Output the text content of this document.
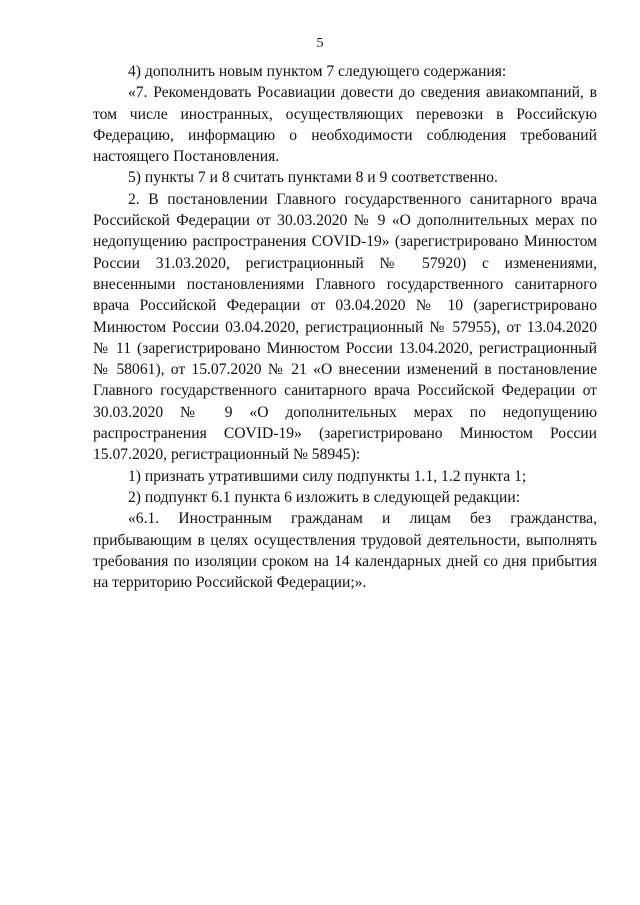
5

4) дополнить новым пунктом 7 следующего содержания:

«7. Рекомендовать Росавиации довести до сведения авиакомпаний, в том числе иностранных, осуществляющих перевозки в Российскую Федерацию, информацию о необходимости соблюдения требований настоящего Постановления.

5) пункты 7 и 8 считать пунктами 8 и 9 соответственно.

2. В постановлении Главного государственного санитарного врача Российской Федерации от 30.03.2020 № 9 «О дополнительных мерах по недопущению распространения COVID-19» (зарегистрировано Минюстом России 31.03.2020, регистрационный № 57920) с изменениями, внесенными постановлениями Главного государственного санитарного врача Российской Федерации от 03.04.2020 № 10 (зарегистрировано Минюстом России 03.04.2020, регистрационный № 57955), от 13.04.2020 № 11 (зарегистрировано Минюстом России 13.04.2020, регистрационный № 58061), от 15.07.2020 № 21 «О внесении изменений в постановление Главного государственного санитарного врача Российской Федерации от 30.03.2020 № 9 «О дополнительных мерах по недопущению распространения COVID-19» (зарегистрировано Минюстом России 15.07.2020, регистрационный № 58945):

1) признать утратившими силу подпункты 1.1, 1.2 пункта 1;

2) подпункт 6.1 пункта 6 изложить в следующей редакции:

«6.1. Иностранным гражданам и лицам без гражданства, прибывающим в целях осуществления трудовой деятельности, выполнять требования по изоляции сроком на 14 календарных дней со дня прибытия на территорию Российской Федерации;».
